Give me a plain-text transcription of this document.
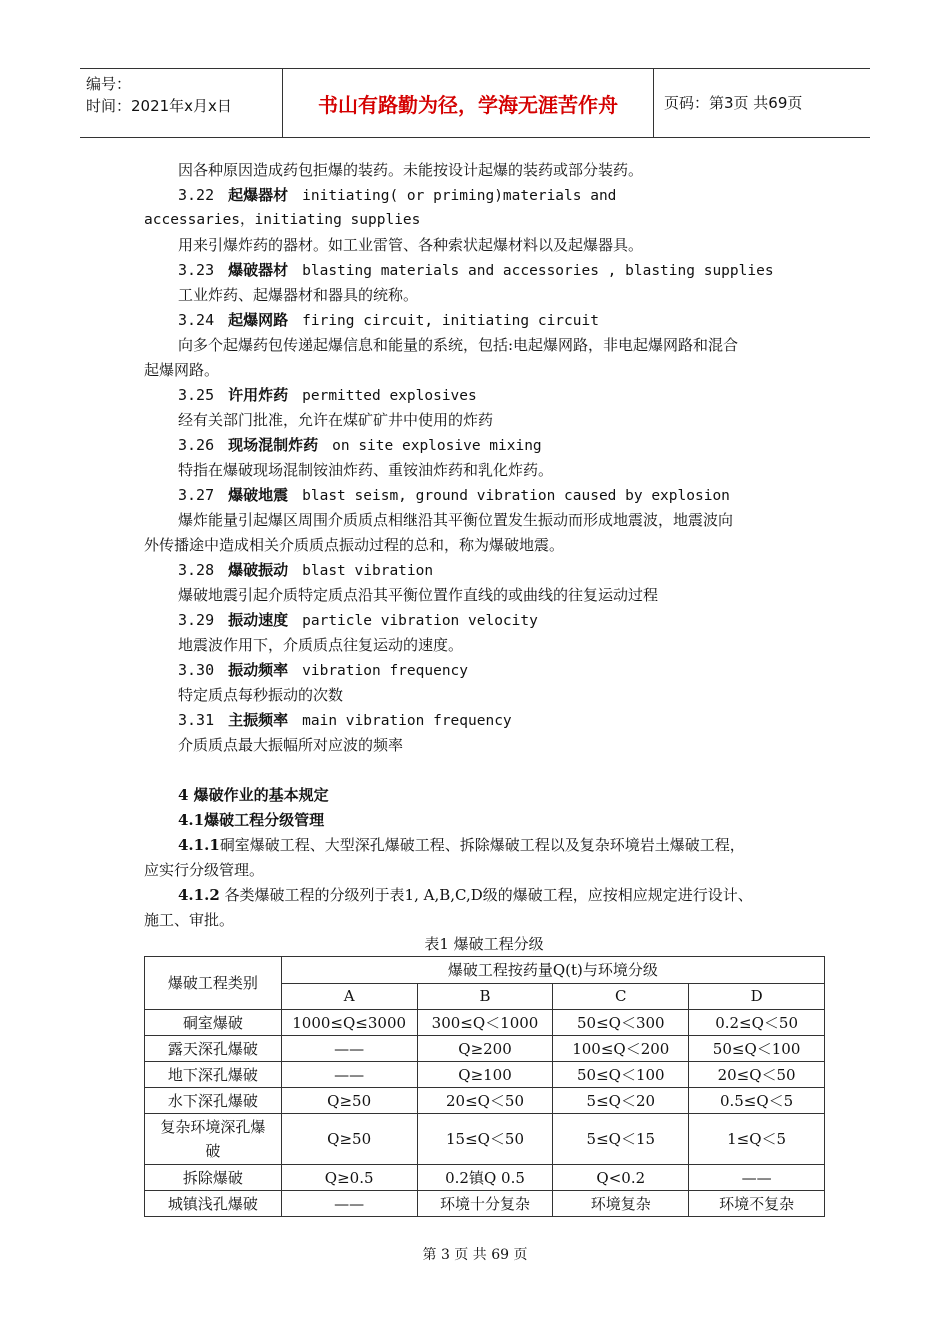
编号：
时间：2021年x月x日	书山有路勤为径，学海无涯苦作舟	页码：第3页 共69页
因各种原因造成药包拒爆的装药。未能按设计起爆的装药或部分装药。
3.22 起爆器材 initiating( or priming)materials and
accessaries，initiating supplies
用来引爆炸药的器材。如工业雷管、各种索状起爆材料以及起爆器具。
3.23 爆破器材 blasting materials and accessories , blasting supplies
工业炸药、起爆器材和器具的统称。
3.24 起爆网路 firing circuit, initiating circuit
向多个起爆药包传递起爆信息和能量的系统，包括:电起爆网路，非电起爆网路和混合
起爆网路。
3.25 许用炸药 permitted explosives
经有关部门批准，允许在煤矿矿井中使用的炸药
3.26 现场混制炸药 on site explosive mixing
特指在爆破现场混制铵油炸药、重铵油炸药和乳化炸药。
3.27 爆破地震 blast seism, ground vibration caused by explosion
爆炸能量引起爆区周围介质质点相继沿其平衡位置发生振动而形成地震波，地震波向
外传播途中造成相关介质质点振动过程的总和，称为爆破地震。
3.28 爆破振动 blast vibration
爆破地震引起介质特定质点沿其平衡位置作直线的或曲线的往复运动过程
3.29 振动速度 particle vibration velocity
地震波作用下，介质质点往复运动的速度。
3.30 振动频率 vibration frequency
特定质点每秒振动的次数
3.31 主振频率 main vibration frequency
介质质点最大振幅所对应波的频率
4 爆破作业的基本规定
4.1爆破工程分级管理
4.1.1硐室爆破工程、大型深孔爆破工程、拆除爆破工程以及复杂环境岩土爆破工程，
应实行分级管理。
4.1.2 各类爆破工程的分级列于表1, A,B,C,D级的爆破工程，应按相应规定进行设计、
施工、审批。
表1 爆破工程分级
爆破工程类别	爆破工程按药量Q(t)与环境分级			
	A	B	C	D
硐室爆破	1000≤Q≤3000	300≤Q＜1000	50≤Q＜300	0.2≤Q＜50
露天深孔爆破	——	Q≥200	100≤Q＜200	50≤Q＜100
地下深孔爆破	——	Q≥100	50≤Q＜100	20≤Q＜50
水下深孔爆破	Q≥50	20≤Q＜50	5≤Q＜20	0.5≤Q＜5

复杂环境深孔爆
破	Q≥50	15≤Q＜50	5≤Q＜15	1≤Q＜5
拆除爆破	Q≥0.5	0.2镇Q 0.5	Q<0.2	——
城镇浅孔爆破	——	环境十分复杂	环境复杂	环境不复杂
第 3 页 共 69 页
